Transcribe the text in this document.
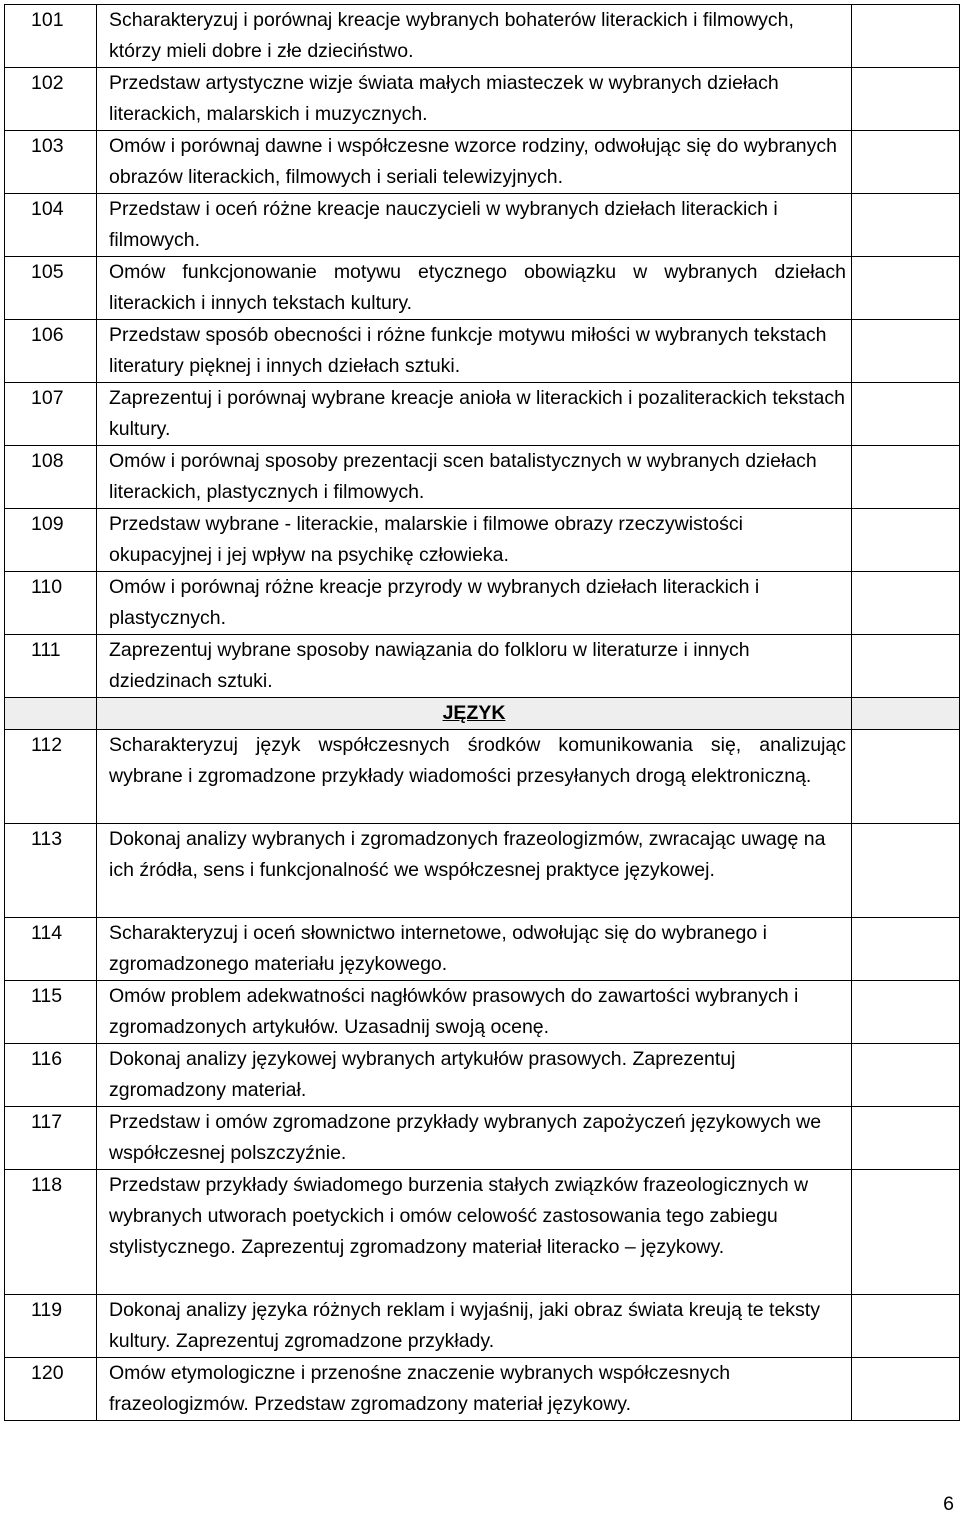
101	Scharakteryzuj i porównaj kreacje wybranych bohaterów literackich i filmowych, którzy mieli dobre i złe dzieciństwo.	
102	Przedstaw artystyczne wizje świata małych miasteczek w wybranych dziełach literackich, malarskich i muzycznych.	
103	Omów i porównaj dawne i współczesne wzorce rodziny, odwołując się do wybranych obrazów literackich, filmowych i seriali telewizyjnych.	
104	Przedstaw i oceń różne kreacje nauczycieli w wybranych dziełach literackich i filmowych.	
105	Omów funkcjonowanie motywu etycznego obowiązku w wybranych dziełach literackich i innych tekstach kultury.	
106	Przedstaw sposób obecności i różne funkcje motywu miłości w wybranych tekstach literatury pięknej i innych dziełach sztuki.	
107	Zaprezentuj i porównaj wybrane kreacje anioła w literackich i pozaliterackich tekstach kultury.	
108	Omów i porównaj sposoby prezentacji scen batalistycznych w wybranych dziełach literackich, plastycznych i filmowych.	
109	Przedstaw wybrane - literackie, malarskie i filmowe obrazy rzeczywistości okupacyjnej i jej wpływ na psychikę człowieka.	
110	Omów i porównaj różne kreacje przyrody w wybranych dziełach literackich i plastycznych.	
111	Zaprezentuj wybrane sposoby nawiązania do folkloru w literaturze i innych dziedzinach sztuki.	
	JĘZYK	
112	Scharakteryzuj język współczesnych środków komunikowania się, analizując wybrane i zgromadzone przykłady wiadomości przesyłanych drogą elektroniczną.	
113	Dokonaj analizy wybranych i zgromadzonych frazeologizmów, zwracając uwagę na ich źródła, sens i funkcjonalność we współczesnej praktyce językowej.	
114	Scharakteryzuj i oceń słownictwo internetowe, odwołując się do wybranego i zgromadzonego materiału językowego.	
115	Omów problem adekwatności nagłówków prasowych do zawartości wybranych i zgromadzonych artykułów. Uzasadnij swoją ocenę.	
116	Dokonaj analizy językowej wybranych artykułów prasowych. Zaprezentuj zgromadzony materiał.	
117	Przedstaw i omów zgromadzone przykłady wybranych zapożyczeń językowych we współczesnej polszczyźnie.	
118	Przedstaw przykłady świadomego burzenia stałych związków frazeologicznych w wybranych utworach poetyckich i omów celowość zastosowania tego zabiegu stylistycznego. Zaprezentuj zgromadzony materiał literacko – językowy.	
119	Dokonaj analizy języka różnych reklam i wyjaśnij, jaki obraz świata kreują te teksty kultury. Zaprezentuj zgromadzone przykłady.	
120	Omów etymologiczne i przenośne znaczenie wybranych współczesnych frazeologizmów. Przedstaw zgromadzony materiał językowy.	
6
